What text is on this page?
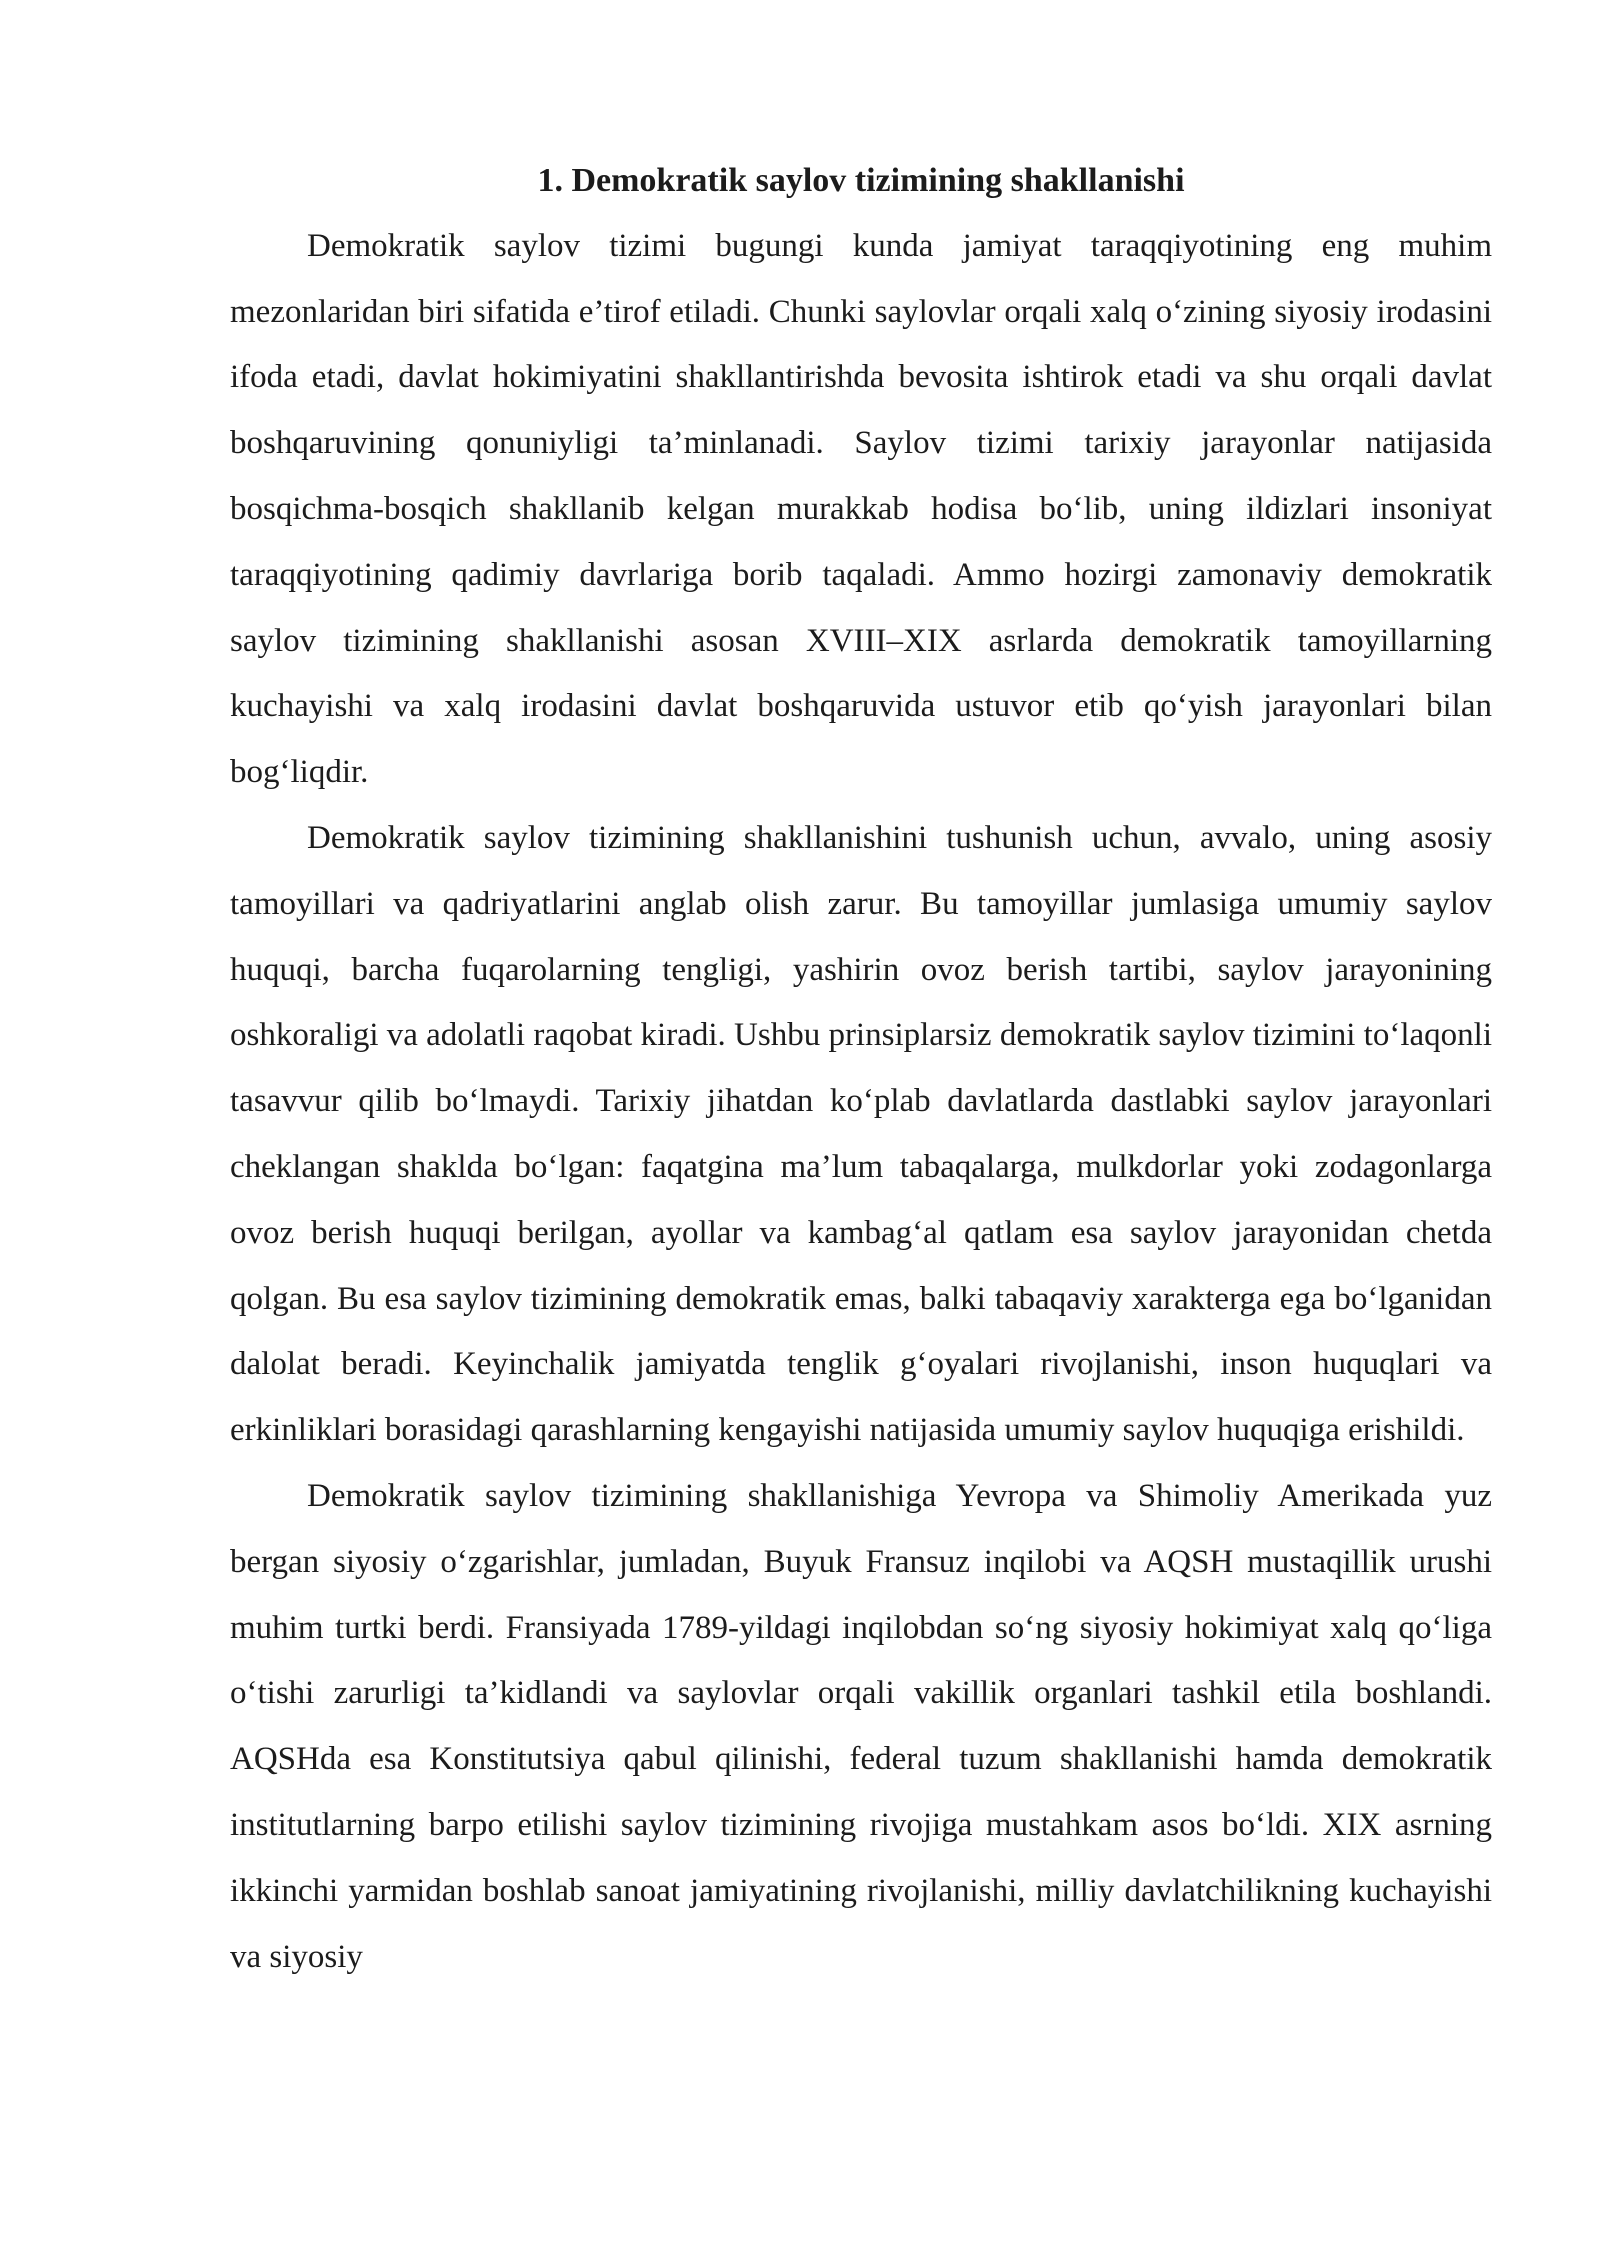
1. Demokratik saylov tizimining shakllanishi

Demokratik saylov tizimi bugungi kunda jamiyat taraqqiyotining eng muhim mezonlaridan biri sifatida e’tirof etiladi. Chunki saylovlar orqali xalq o‘zining siyosiy irodasini ifoda etadi, davlat hokimiyatini shakllantirishda bevosita ishtirok etadi va shu orqali davlat boshqaruvining qonuniyligi ta’minlanadi. Saylov tizimi tarixiy jarayonlar natijasida bosqichma-bosqich shakllanib kelgan murakkab hodisa bo‘lib, uning ildizlari insoniyat taraqqiyotining qadimiy davrlariga borib taqaladi. Ammo hozirgi zamonaviy demokratik saylov tizimining shakllanishi asosan XVIII–XIX asrlarda demokratik tamoyillarning kuchayishi va xalq irodasini davlat boshqaruvida ustuvor etib qo‘yish jarayonlari bilan bog‘liqdir.

Demokratik saylov tizimining shakllanishini tushunish uchun, avvalo, uning asosiy tamoyillari va qadriyatlarini anglab olish zarur. Bu tamoyillar jumlasiga umumiy saylov huquqi, barcha fuqarolarning tengligi, yashirin ovoz berish tartibi, saylov jarayonining oshkoraligi va adolatli raqobat kiradi. Ushbu prinsiplarsiz demokratik saylov tizimini to‘laqonli tasavvur qilib bo‘lmaydi. Tarixiy jihatdan ko‘plab davlatlarda dastlabki saylov jarayonlari cheklangan shaklda bo‘lgan: faqatgina ma’lum tabaqalarga, mulkdorlar yoki zodagonlarga ovoz berish huquqi berilgan, ayollar va kambag‘al qatlam esa saylov jarayonidan chetda qolgan. Bu esa saylov tizimining demokratik emas, balki tabaqaviy xarakterga ega bo‘lganidan dalolat beradi. Keyinchalik jamiyatda tenglik g‘oyalari rivojlanishi, inson huquqlari va erkinliklari borasidagi qarashlarning kengayishi natijasida umumiy saylov huquqiga erishildi.

Demokratik saylov tizimining shakllanishiga Yevropa va Shimoliy Amerikada yuz bergan siyosiy o‘zgarishlar, jumladan, Buyuk Fransuz inqilobi va AQSH mustaqillik urushi muhim turtki berdi. Fransiyada 1789-yildagi inqilobdan so‘ng siyosiy hokimiyat xalq qo‘liga o‘tishi zarurligi ta’kidlandi va saylovlar orqali vakillik organlari tashkil etila boshlandi. AQSHda esa Konstitutsiya qabul qilinishi, federal tuzum shakllanishi hamda demokratik institutlarning barpo etilishi saylov tizimining rivojiga mustahkam asos bo‘ldi. XIX asrning ikkinchi yarmidan boshlab sanoat jamiyatining rivojlanishi, milliy davlatchilikning kuchayishi va siyosiy
